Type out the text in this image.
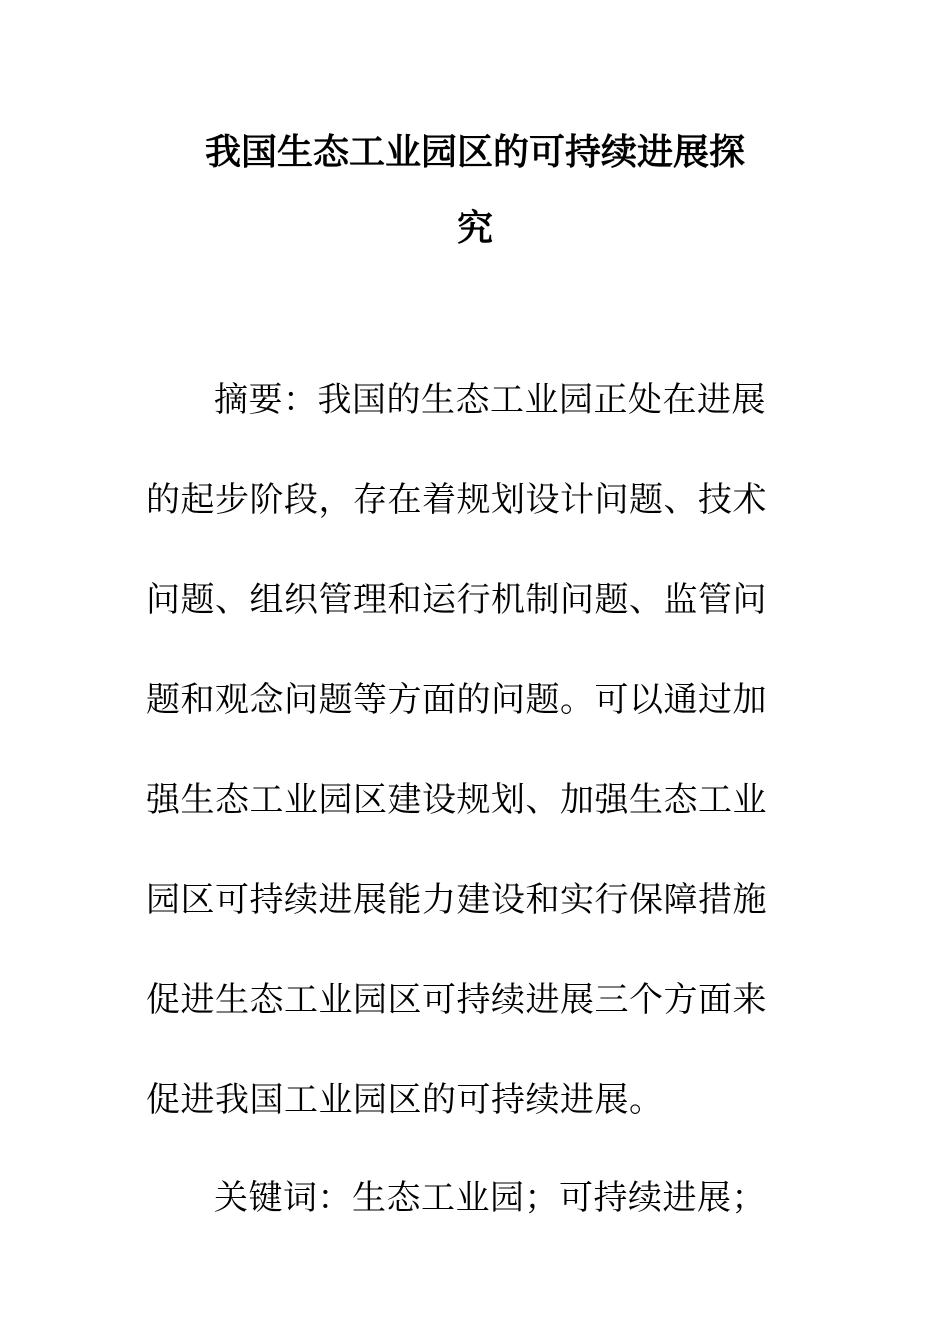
我国生态工业园区的可持续进展探
究
摘要：我国的生态工业园正处在进展
的起步阶段，存在着规划设计问题、技术
问题、组织管理和运行机制问题、监管问
题和观念问题等方面的问题。可以通过加
强生态工业园区建设规划、加强生态工业
园区可持续进展能力建设和实行保障措施
促进生态工业园区可持续进展三个方面来
促进我国工业园区的可持续进展。
关键词：生态工业园；可持续进展；
